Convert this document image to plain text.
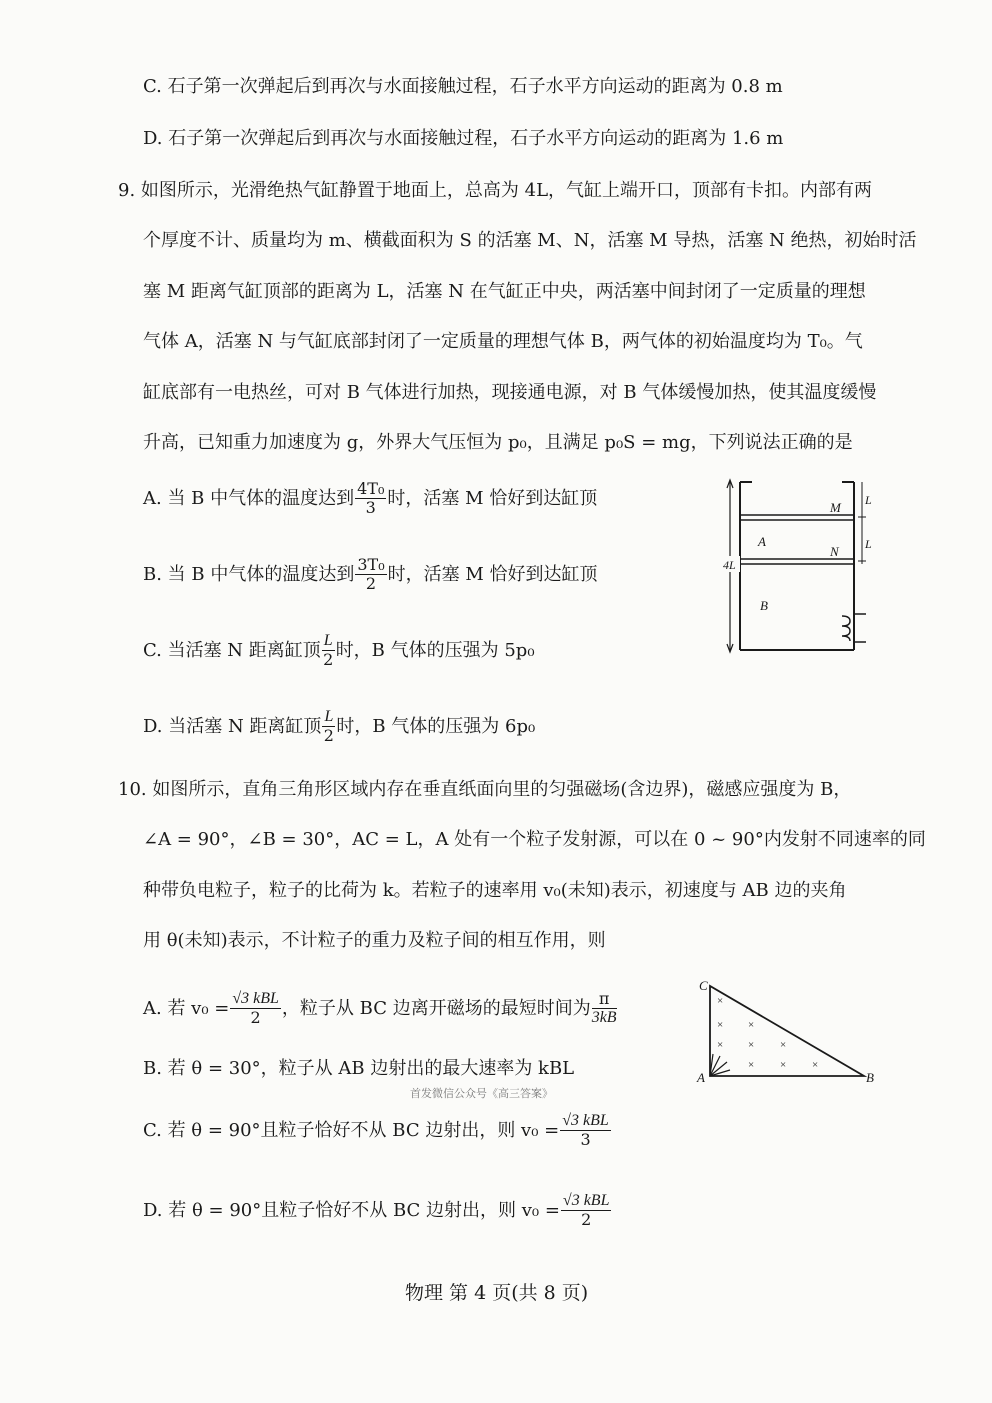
C. 石子第一次弹起后到再次与水面接触过程，石子水平方向运动的距离为 0.8 m
D. 石子第一次弹起后到再次与水面接触过程，石子水平方向运动的距离为 1.6 m
9. 如图所示，光滑绝热气缸静置于地面上，总高为 4L，气缸上端开口，顶部有卡扣。内部有两
个厚度不计、质量均为 m、横截面积为 S 的活塞 M、N，活塞 M 导热，活塞 N 绝热，初始时活
塞 M 距离气缸顶部的距离为 L，活塞 N 在气缸正中央，两活塞中间封闭了一定质量的理想
气体 A，活塞 N 与气缸底部封闭了一定质量的理想气体 B，两气体的初始温度均为 T₀。气
缸底部有一电热丝，可对 B 气体进行加热，现接通电源，对 B 气体缓慢加热，使其温度缓慢
升高，已知重力加速度为 g，外界大气压恒为 p₀，且满足 p₀S = mg，下列说法正确的是
A. 当 B 中气体的温度达到 $\frac{\text{4T₀}}{3}$ 时，活塞 M 恰好到达缸顶
B. 当 B 中气体的温度达到 $\frac{\text{3T₀}}{2}$ 时，活塞 M 恰好到达缸顶
C. 当活塞 N 距离缸顶 $\frac{L}{2}$ 时，B 气体的压强为 5p₀
D. 当活塞 N 距离缸顶 $\frac{L}{2}$ 时，B 气体的压强为 6p₀
4L
L
L
M
N
A
B
10. 如图所示，直角三角形区域内存在垂直纸面向里的匀强磁场(含边界)，磁感应强度为 B，
∠A = 90°，∠B = 30°，AC = L，A 处有一个粒子发射源，可以在 0 ~ 90°内发射不同速率的同
种带负电粒子，粒子的比荷为 k。若粒子的速率用 v₀(未知)表示，初速度与 AB 边的夹角
用 θ(未知)表示，不计粒子的重力及粒子间的相互作用，则
A. 若 $v_0 = \frac{\text{√3 kBL}}{2}$ ，粒子从 BC 边离开磁场的最短时间为 $\frac{\pi}{3kB}$
B. 若 θ = 30°，粒子从 AB 边射出的最大速率为 kBL
C. 若 θ = 90°且粒子恰好不从 BC 边射出，则 $v_0 = \frac{\text{√3 kBL}}{3}$
D. 若 θ = 90°且粒子恰好不从 BC 边射出，则 $v_0 = \frac{\text{√3 kBL}}{2}$
C
A	B
×
× ×
× × ×
× × ×
首发微信公众号《高三答案》
物理 第 4 页(共 8 页)
